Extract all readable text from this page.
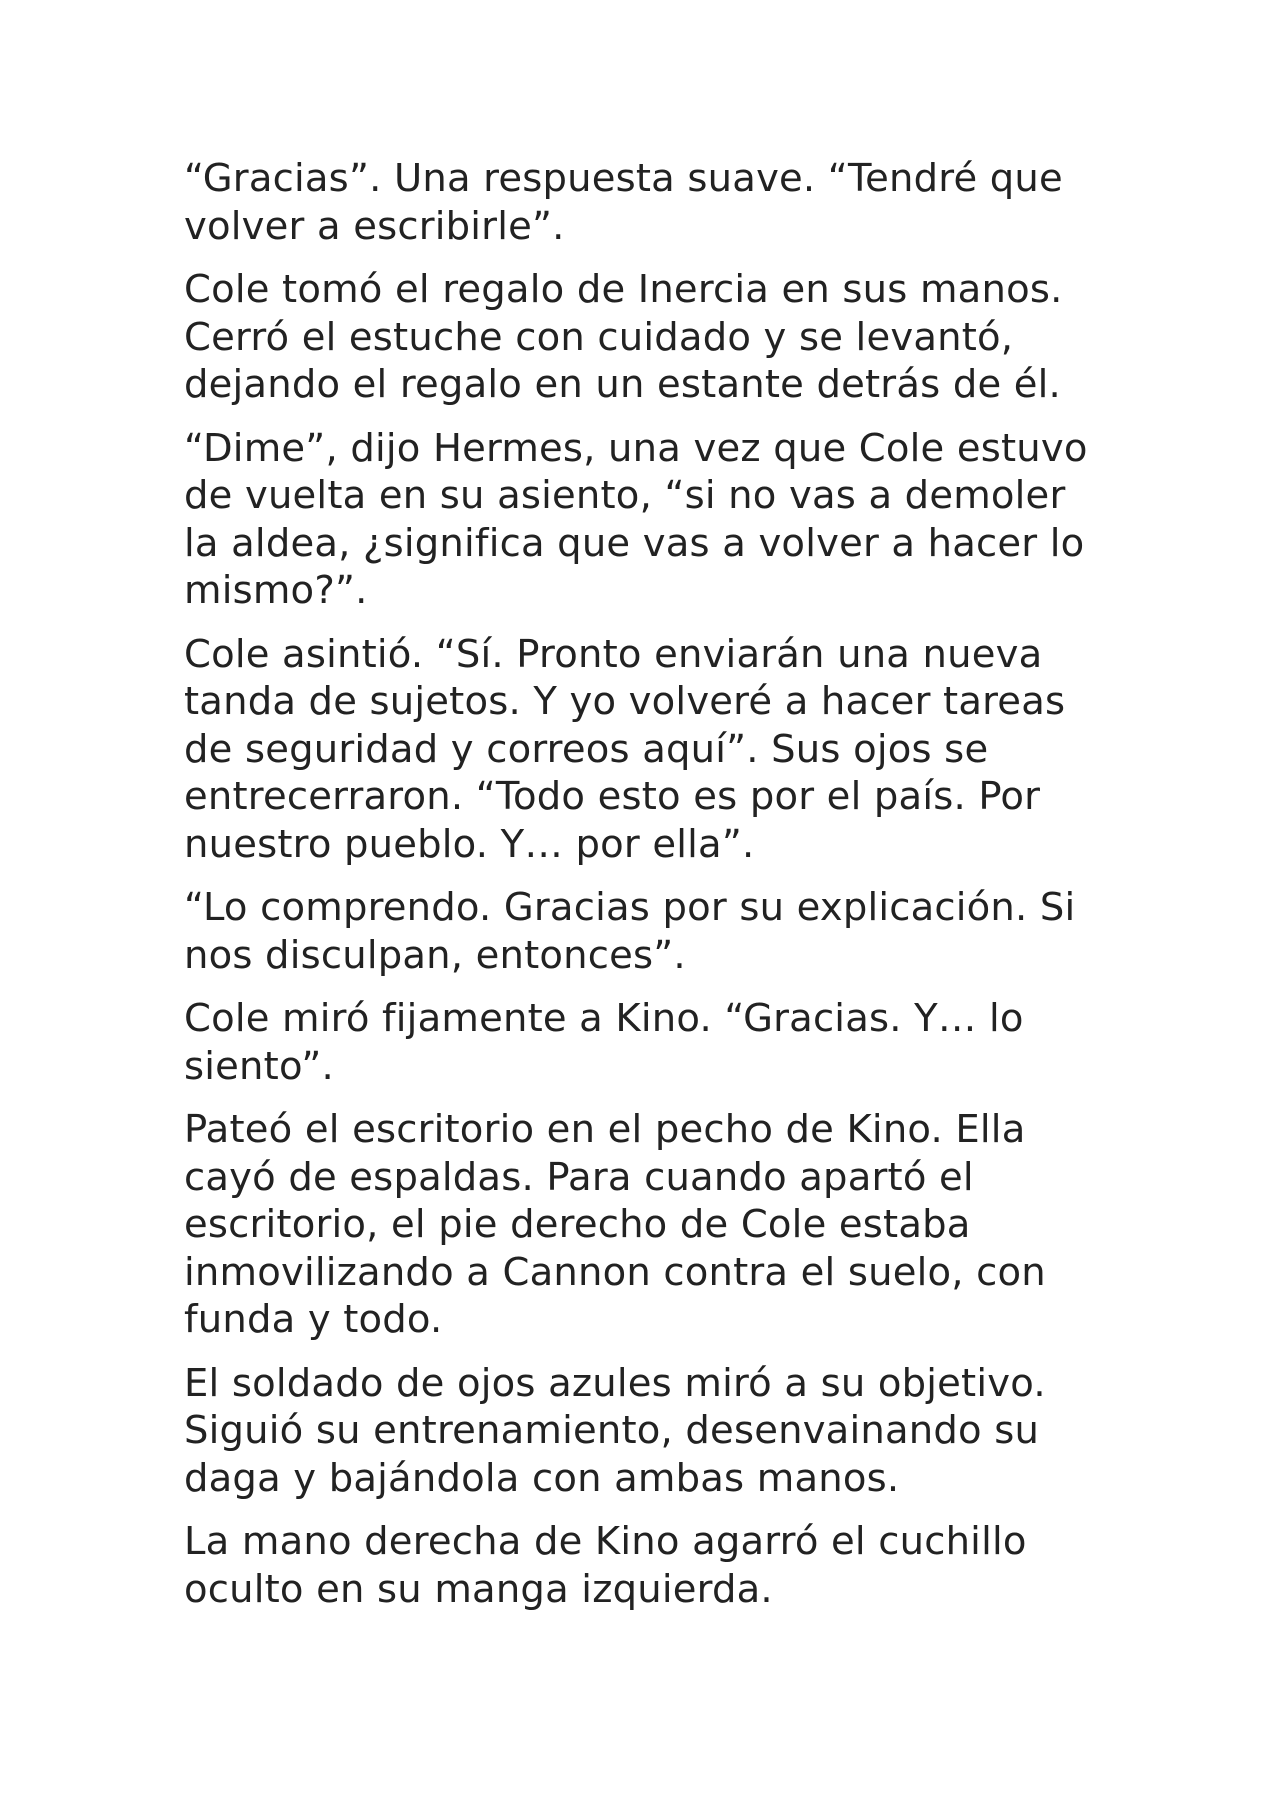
“Gracias”. Una respuesta suave. “Tendré que
volver a escribirle”.

Cole tomó el regalo de Inercia en sus manos.
Cerró el estuche con cuidado y se levantó,
dejando el regalo en un estante detrás de él.

“Dime”, dijo Hermes, una vez que Cole estuvo
de vuelta en su asiento, “si no vas a demoler
la aldea, ¿significa que vas a volver a hacer lo
mismo?”.

Cole asintió. “Sí. Pronto enviarán una nueva
tanda de sujetos. Y yo volveré a hacer tareas
de seguridad y correos aquí”. Sus ojos se
entrecerraron. “Todo esto es por el país. Por
nuestro pueblo. Y… por ella”.

“Lo comprendo. Gracias por su explicación. Si
nos disculpan, entonces”.

Cole miró fijamente a Kino. “Gracias. Y… lo
siento”.

Pateó el escritorio en el pecho de Kino. Ella
cayó de espaldas. Para cuando apartó el
escritorio, el pie derecho de Cole estaba
inmovilizando a Cannon contra el suelo, con
funda y todo.

El soldado de ojos azules miró a su objetivo.
Siguió su entrenamiento, desenvainando su
daga y bajándola con ambas manos.

La mano derecha de Kino agarró el cuchillo
oculto en su manga izquierda.
